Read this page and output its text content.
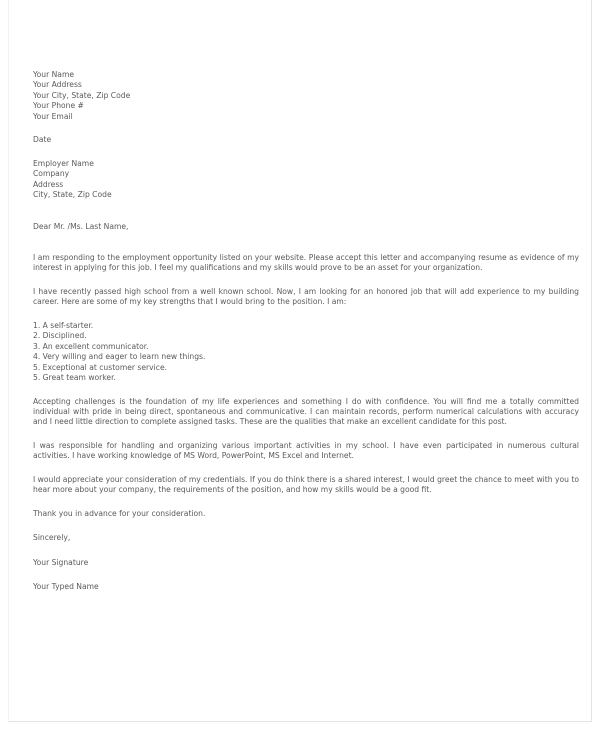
Your Name
Your Address
Your City, State, Zip Code
Your Phone #
Your Email
Date
Employer Name
Company
Address
City, State, Zip Code
Dear Mr. /Ms. Last Name,

I am responding to the employment opportunity listed on your website. Please accept this letter and accompanying resume as evidence of my interest in applying for this job. I feel my qualifications and my skills would prove to be an asset for your organization.

I have recently passed high school from a well known school. Now, I am looking for an honored job that will add experience to my building career. Here are some of my key strengths that I would bring to the position. I am:

1. A self-starter.
2. Disciplined.
3. An excellent communicator.
4. Very willing and eager to learn new things.
5. Exceptional at customer service.
5. Great team worker.

Accepting challenges is the foundation of my life experiences and something I do with confidence. You will find me a totally committed individual with pride in being direct, spontaneous and communicative. I can maintain records, perform numerical calculations with accuracy and I need little direction to complete assigned tasks. These are the qualities that make an excellent candidate for this post.

I was responsible for handling and organizing various important activities in my school. I have even participated in numerous cultural activities. I have working knowledge of MS Word, PowerPoint, MS Excel and Internet.

I would appreciate your consideration of my credentials. If you do think there is a shared interest, I would greet the chance to meet with you to hear more about your company, the requirements of the position, and how my skills would be a good fit.

Thank you in advance for your consideration.

Sincerely,
Your Signature
Your Typed Name
